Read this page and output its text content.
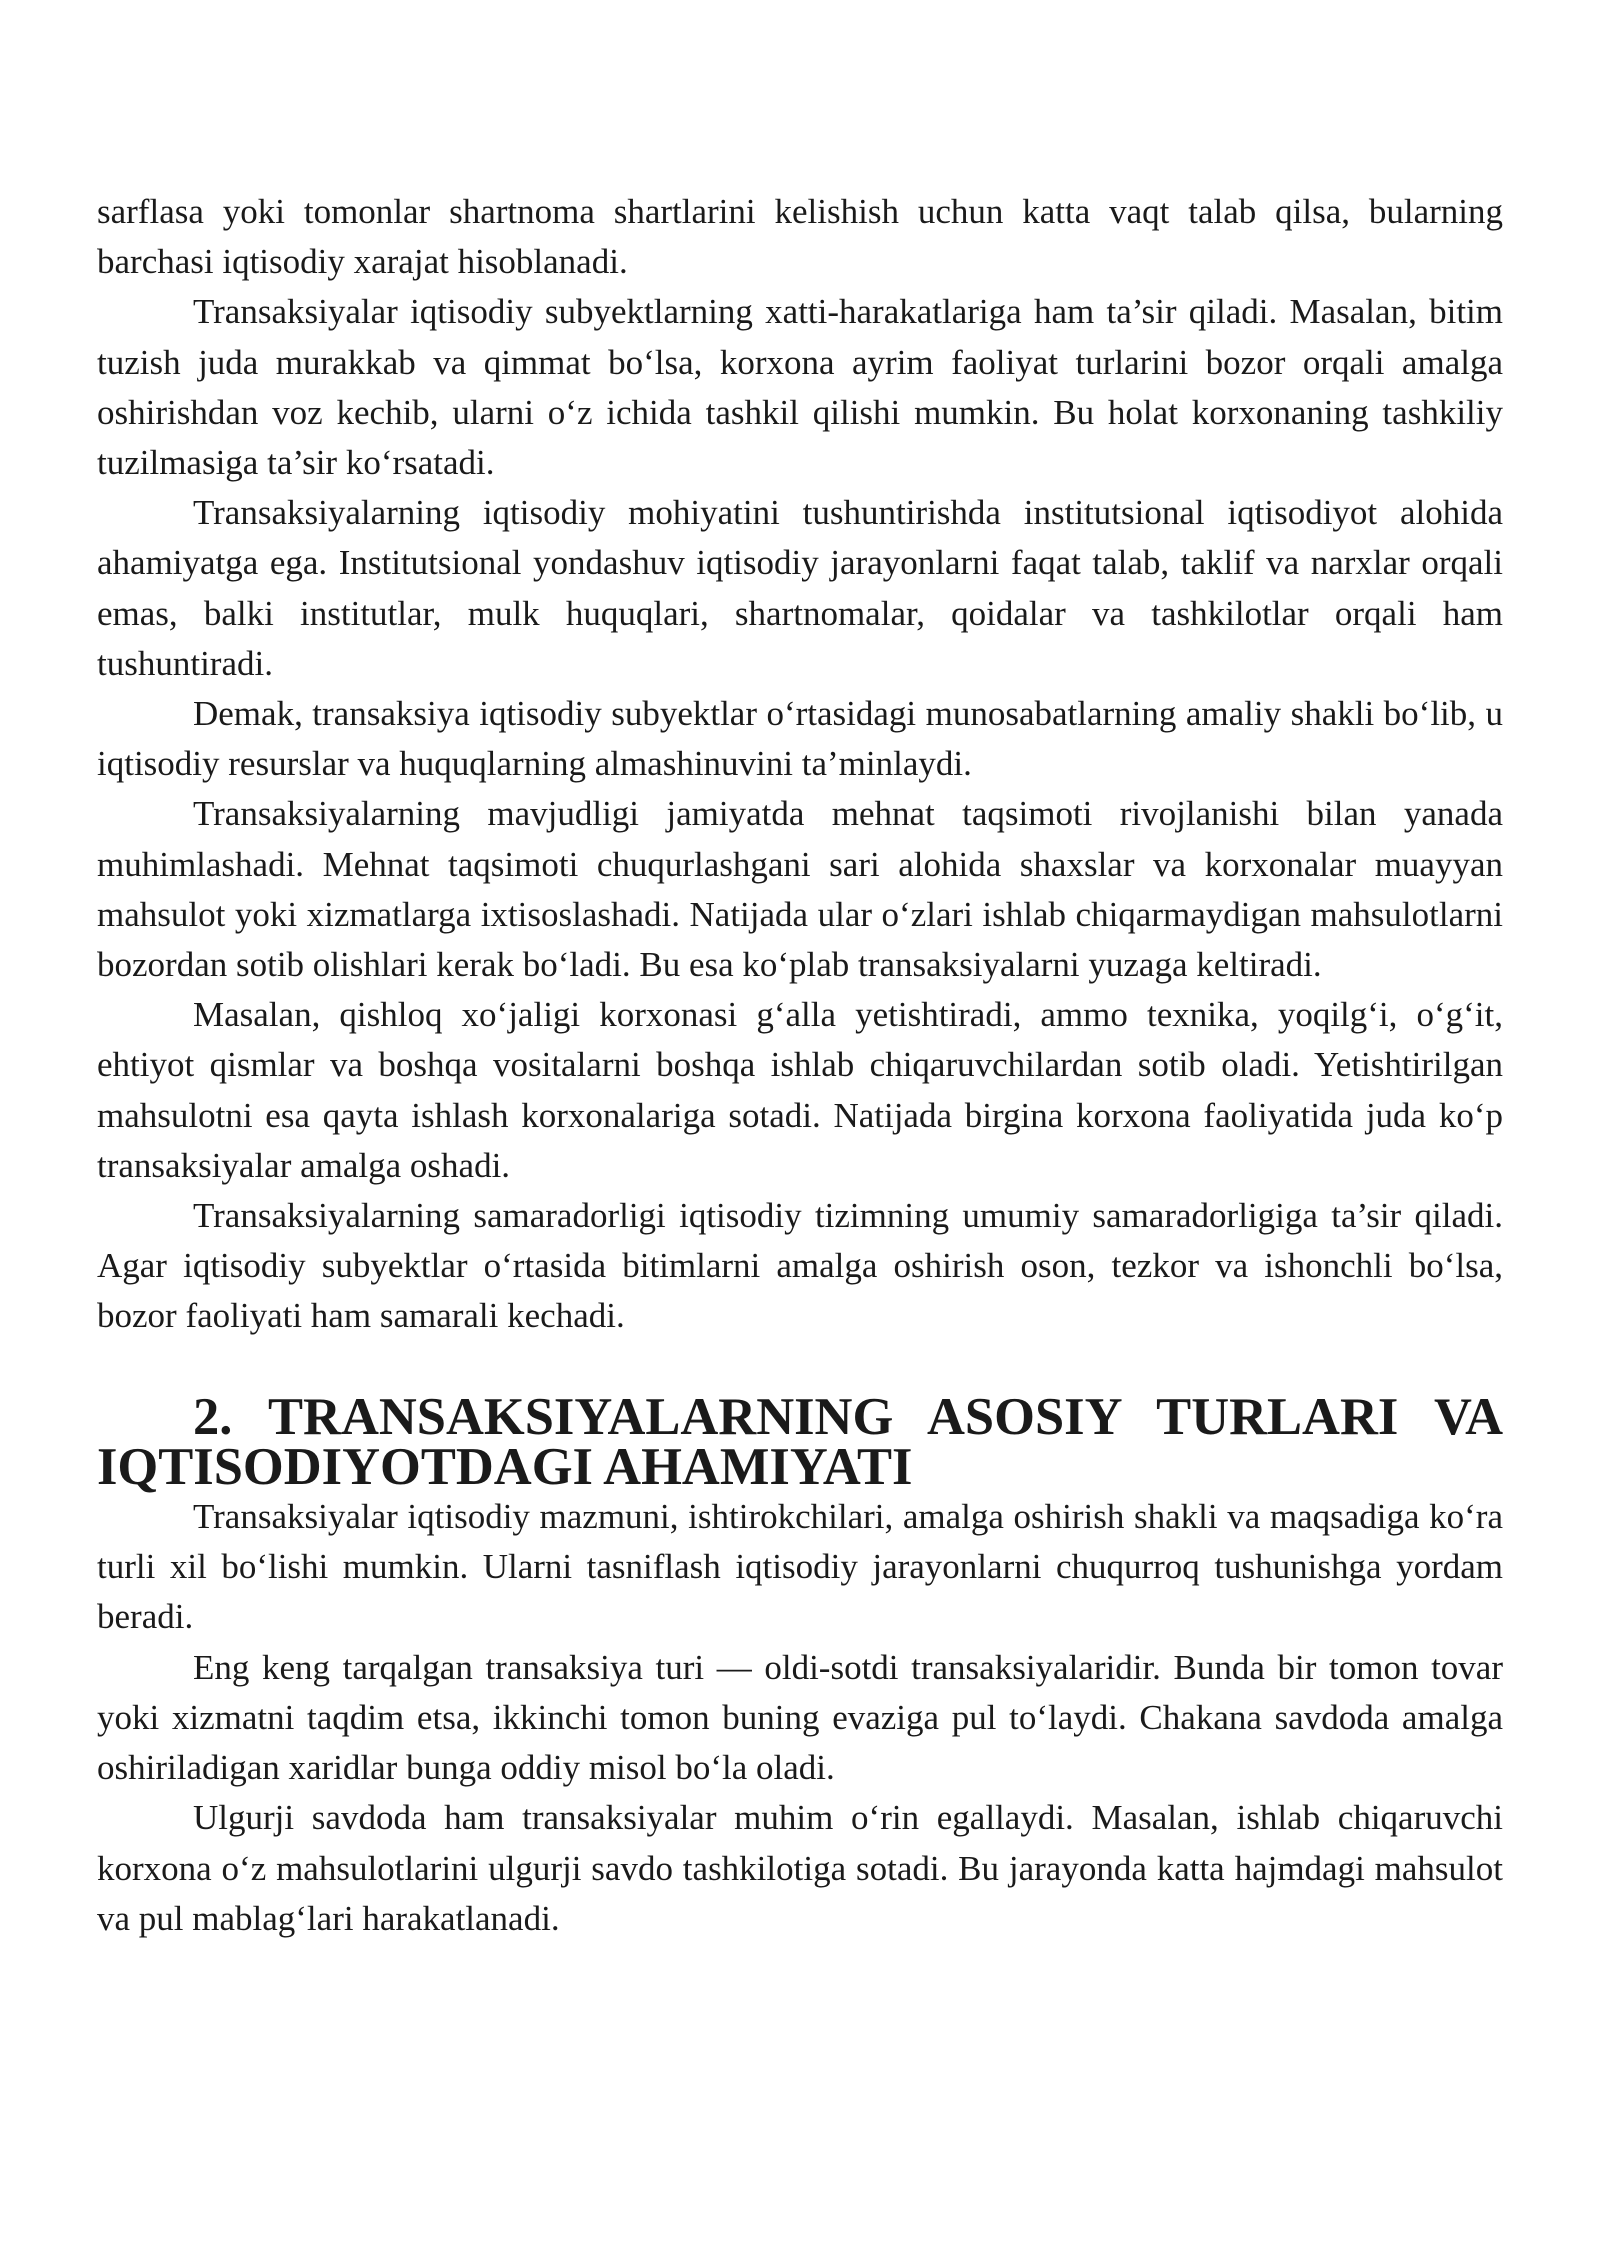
sarflasa yoki tomonlar shartnoma shartlarini kelishish uchun katta vaqt talab qilsa, bularning barchasi iqtisodiy xarajat hisoblanadi.

Transaksiyalar iqtisodiy subyektlarning xatti-harakatlariga ham ta’sir qiladi. Masalan, bitim tuzish juda murakkab va qimmat bo‘lsa, korxona ayrim faoliyat turlarini bozor orqali amalga oshirishdan voz kechib, ularni o‘z ichida tashkil qilishi mumkin. Bu holat korxonaning tashkiliy tuzilmasiga ta’sir ko‘rsatadi.

Transaksiyalarning iqtisodiy mohiyatini tushuntirishda institutsional iqtisodiyot alohida ahamiyatga ega. Institutsional yondashuv iqtisodiy jarayonlarni faqat talab, taklif va narxlar orqali emas, balki institutlar, mulk huquqlari, shartnomalar, qoidalar va tashkilotlar orqali ham tushuntiradi.

Demak, transaksiya iqtisodiy subyektlar o‘rtasidagi munosabatlarning amaliy shakli bo‘lib, u iqtisodiy resurslar va huquqlarning almashinuvini ta’minlaydi.

Transaksiyalarning mavjudligi jamiyatda mehnat taqsimoti rivojlanishi bilan yanada muhimlashadi. Mehnat taqsimoti chuqurlashgani sari alohida shaxslar va korxonalar muayyan mahsulot yoki xizmatlarga ixtisoslashadi. Natijada ular o‘zlari ishlab chiqarmaydigan mahsulotlarni bozordan sotib olishlari kerak bo‘ladi. Bu esa ko‘plab transaksiyalarni yuzaga keltiradi.

Masalan, qishloq xo‘jaligi korxonasi g‘alla yetishtiradi, ammo texnika, yoqilg‘i, o‘g‘it, ehtiyot qismlar va boshqa vositalarni boshqa ishlab chiqaruvchilardan sotib oladi. Yetishtirilgan mahsulotni esa qayta ishlash korxonalariga sotadi. Natijada birgina korxona faoliyatida juda ko‘p transaksiyalar amalga oshadi.

Transaksiyalarning samaradorligi iqtisodiy tizimning umumiy samaradorligiga ta’sir qiladi. Agar iqtisodiy subyektlar o‘rtasida bitimlarni amalga oshirish oson, tezkor va ishonchli bo‘lsa, bozor faoliyati ham samarali kechadi.

2. TRANSAKSIYALARNING ASOSIY TURLARI VA IQTISODIYOTDAGI AHAMIYATI

Transaksiyalar iqtisodiy mazmuni, ishtirokchilari, amalga oshirish shakli va maqsadiga ko‘ra turli xil bo‘lishi mumkin. Ularni tasniflash iqtisodiy jarayonlarni chuqurroq tushunishga yordam beradi.

Eng keng tarqalgan transaksiya turi — oldi-sotdi transaksiyalaridir. Bunda bir tomon tovar yoki xizmatni taqdim etsa, ikkinchi tomon buning evaziga pul to‘laydi. Chakana savdoda amalga oshiriladigan xaridlar bunga oddiy misol bo‘la oladi.

Ulgurji savdoda ham transaksiyalar muhim o‘rin egallaydi. Masalan, ishlab chiqaruvchi korxona o‘z mahsulotlarini ulgurji savdo tashkilotiga sotadi. Bu jarayonda katta hajmdagi mahsulot va pul mablag‘lari harakatlanadi.
